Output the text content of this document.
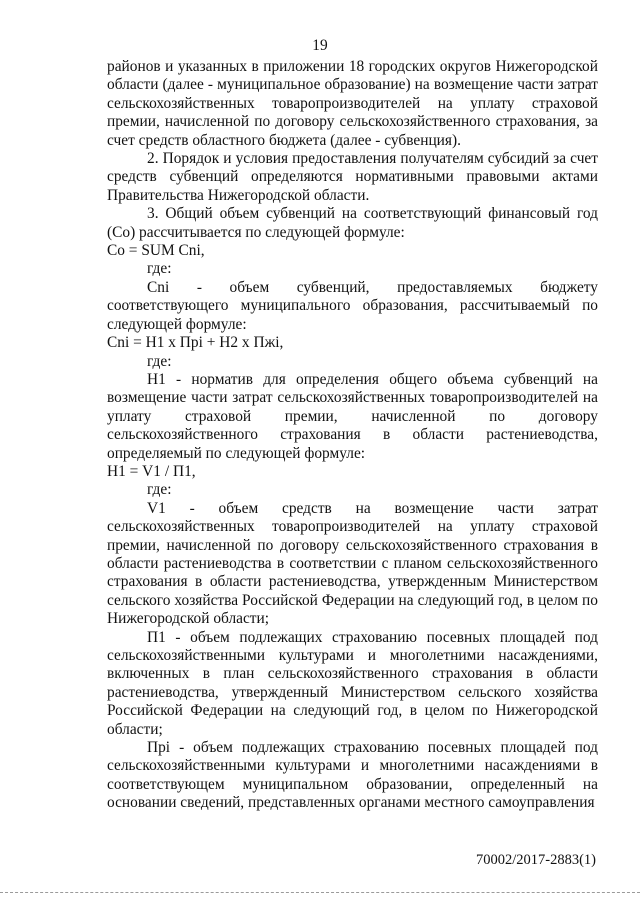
19

районов и указанных в приложении 18 городских округов Нижегородской области (далее - муниципальное образование) на возмещение части затрат сельскохозяйственных товаропроизводителей на уплату страховой премии, начисленной по договору сельскохозяйственного страхования, за счет средств областного бюджета (далее - субвенция).

2. Порядок и условия предоставления получателям субсидий за счет средств субвенций определяются нормативными правовыми актами Правительства Нижегородской области.

3. Общий объем субвенций на соответствующий финансовый год (Со) рассчитывается по следующей формуле:

Со = SUM Cni,

где:

Cni - объем субвенций, предоставляемых бюджету соответствующего муниципального образования, рассчитываемый по следующей формуле:

Cni = Н1 х Прi + Н2 х Пжi,

где:

Н1 - норматив для определения общего объема субвенций на возмещение части затрат сельскохозяйственных товаропроизводителей на уплату страховой премии, начисленной по договору сельскохозяйственного страхования в области растениеводства, определяемый по следующей формуле:

Н1 = V1 / П1,

где:

V1 - объем средств на возмещение части затрат сельскохозяйственных товаропроизводителей на уплату страховой премии, начисленной по договору сельскохозяйственного страхования в области растениеводства в соответствии с планом сельскохозяйственного страхования в области растениеводства, утвержденным Министерством сельского хозяйства Российской Федерации на следующий год, в целом по Нижегородской области;

П1 - объем подлежащих страхованию посевных площадей под сельскохозяйственными культурами и многолетними насаждениями, включенных в план сельскохозяйственного страхования в области растениеводства, утвержденный Министерством сельского хозяйства Российской Федерации на следующий год, в целом по Нижегородской области;

Прi - объем подлежащих страхованию посевных площадей под сельскохозяйственными культурами и многолетними насаждениями в соответствующем муниципальном образовании, определенный на основании сведений, представленных органами местного самоуправления

70002/2017-2883(1)
